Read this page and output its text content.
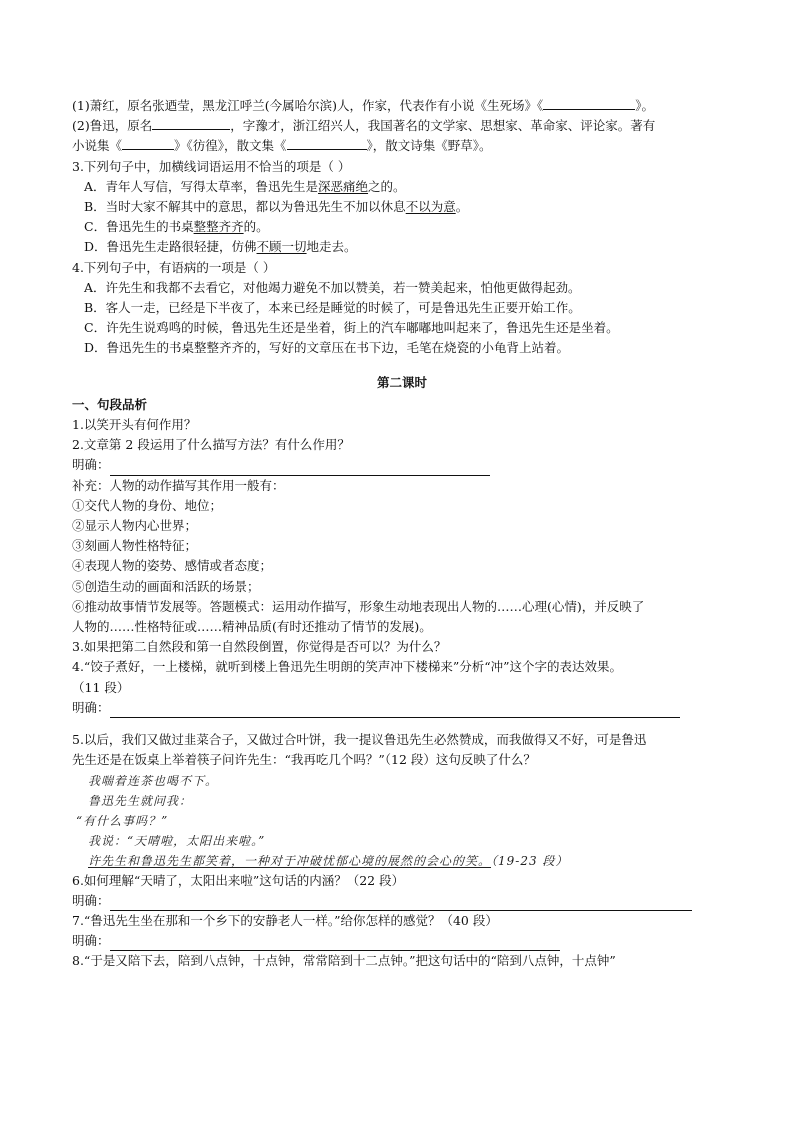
(1)萧红，原名张迺莹，黑龙江呼兰(今属哈尔滨)人，作家，代表作有小说《生死场》《	》。
(2)鲁迅，原名	，字豫才，浙江绍兴人，我国著名的文学家、思想家、革命家、评论家。著有
小说集《	》《彷徨》，散文集《	》，散文诗集《野草》。
3.下列句子中，加横线词语运用不恰当的项是（ ）
A．青年人写信，写得太草率，鲁迅先生是深恶痛绝之的。
B．当时大家不解其中的意思，都以为鲁迅先生不加以休息不以为意。
C．鲁迅先生的书桌整整齐齐的。
D．鲁迅先生走路很轻捷，仿佛不顾一切地走去。
4.下列句子中，有语病的一项是（ ）
A．许先生和我都不去看它，对他竭力避免不加以赞美，若一赞美起来，怕他更做得起劲。
B．客人一走，已经是下半夜了，本来已经是睡觉的时候了，可是鲁迅先生正要开始工作。
C．许先生说鸡鸣的时候，鲁迅先生还是坐着，街上的汽车嘟嘟地叫起来了，鲁迅先生还是坐着。
D．鲁迅先生的书桌整整齐齐的，写好的文章压在书下边，毛笔在烧瓷的小龟背上站着。
第二课时
一、句段品析
1.以笑开头有何作用？
2.文章第 2 段运用了什么描写方法？有什么作用？
明确：
补充：人物的动作描写其作用一般有：
①交代人物的身份、地位；
②显示人物内心世界；
③刻画人物性格特征；
④表现人物的姿势、感情或者态度；
⑤创造生动的画面和活跃的场景；
⑥推动故事情节发展等。答题模式：运用动作描写，形象生动地表现出人物的……心理(心情)，并反映了
人物的……性格特征或……精神品质(有时还推动了情节的发展)。
3.如果把第二自然段和第一自然段倒置，你觉得是否可以？为什么？
4.“饺子煮好，一上楼梯，就听到楼上鲁迅先生明朗的笑声冲下楼梯来”分析“冲”这个字的表达效果。
（11 段）
明确：
5.以后，我们又做过韭菜合子，又做过合叶饼，我一提议鲁迅先生必然赞成，而我做得又不好，可是鲁迅
先生还是在饭桌上举着筷子问许先生：“我再吃几个吗？”（12 段）这句反映了什么？
我喘着连茶也喝不下。
鲁迅先生就问我：
“有什么事吗？”
我说：“天晴啦，太阳出来啦。”
许先生和鲁迅先生都笑着，一种对于冲破忧郁心境的展然的会心的笑。（19-23 段）
6.如何理解“天晴了，太阳出来啦”这句话的内涵？（22 段）
明确：
7.“鲁迅先生坐在那和一个乡下的安静老人一样。”给你怎样的感觉？（40 段）
明确：
8.“于是又陪下去，陪到八点钟，十点钟，常常陪到十二点钟。”把这句话中的“陪到八点钟，十点钟”
